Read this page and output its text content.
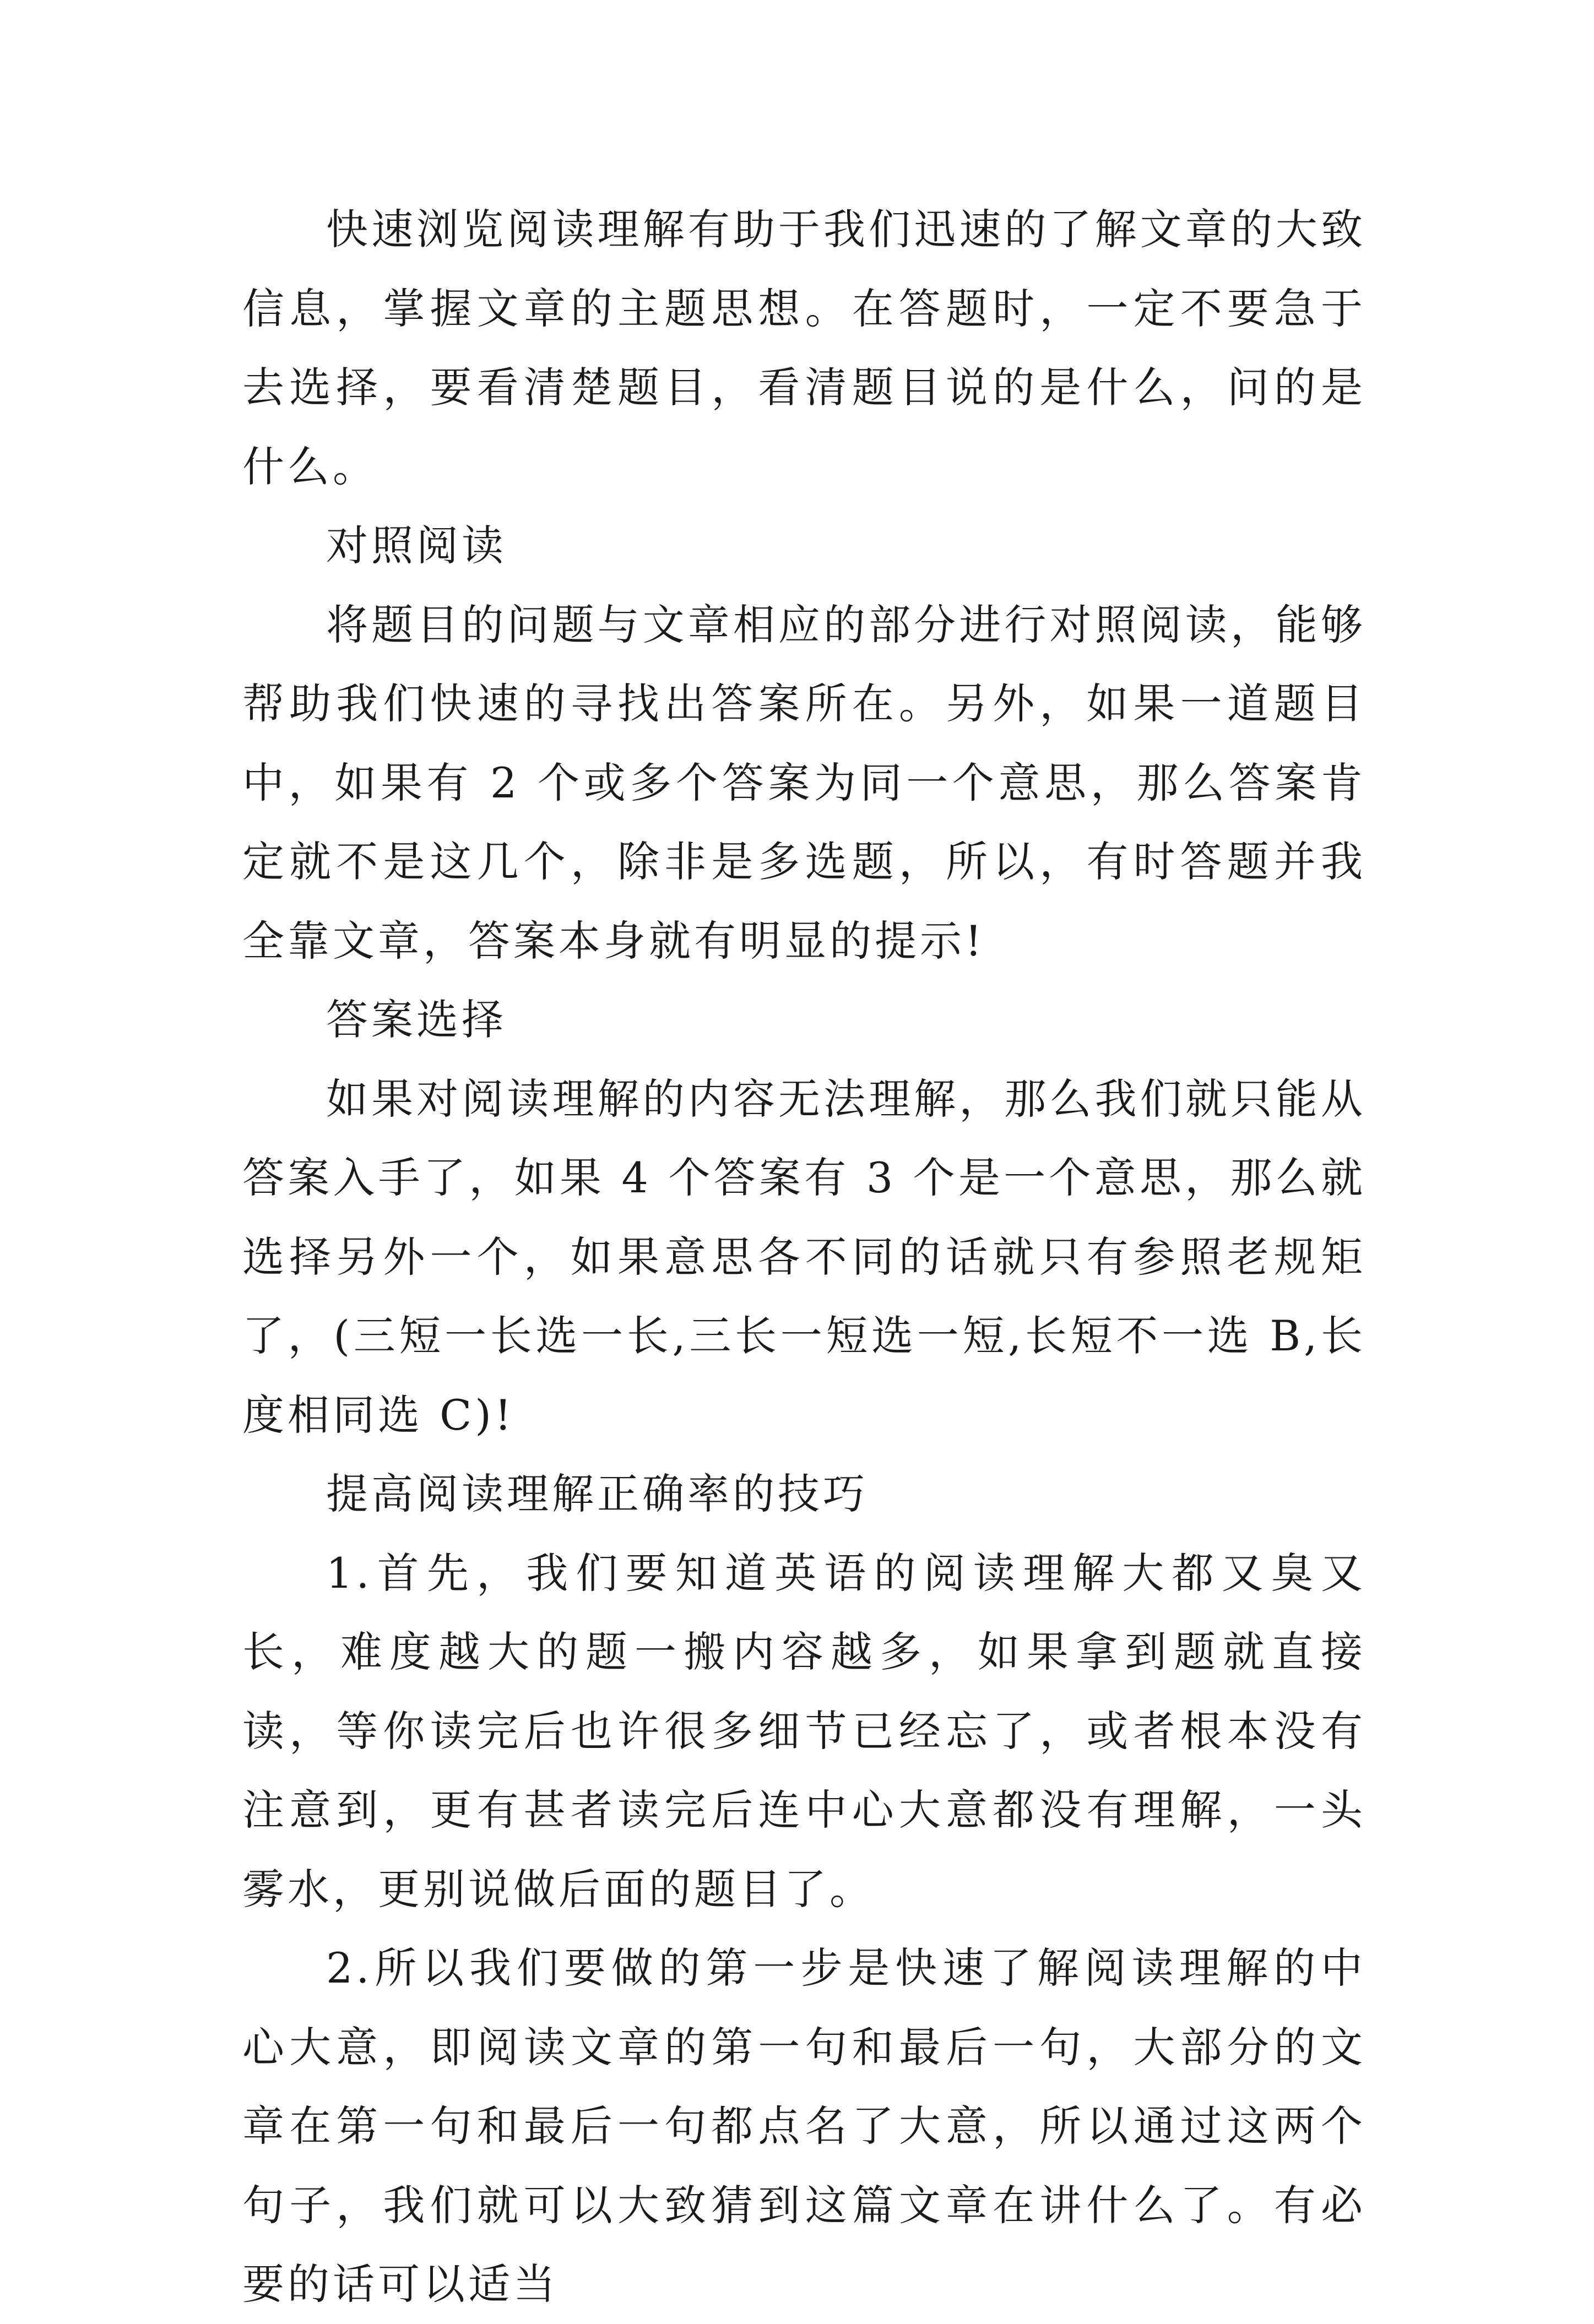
快速浏览阅读理解有助于我们迅速的了解文章的大致信息，掌握文章的主题思想。在答题时，一定不要急于去选择，要看清楚题目，看清题目说的是什么，问的是什么。

对照阅读

将题目的问题与文章相应的部分进行对照阅读，能够帮助我们快速的寻找出答案所在。另外，如果一道题目中，如果有 2 个或多个答案为同一个意思，那么答案肯定就不是这几个，除非是多选题，所以，有时答题并我全靠文章，答案本身就有明显的提示!

答案选择

如果对阅读理解的内容无法理解，那么我们就只能从答案入手了，如果 4 个答案有 3 个是一个意思，那么就选择另外一个，如果意思各不同的话就只有参照老规矩了，(三短一长选一长,三长一短选一短,长短不一选 B,长度相同选 C)!

提高阅读理解正确率的技巧

1.首先，我们要知道英语的阅读理解大都又臭又长，难度越大的题一搬内容越多，如果拿到题就直接读，等你读完后也许很多细节已经忘了，或者根本没有注意到，更有甚者读完后连中心大意都没有理解，一头雾水，更别说做后面的题目了。

2.所以我们要做的第一步是快速了解阅读理解的中心大意，即阅读文章的第一句和最后一句，大部分的文章在第一句和最后一句都点名了大意，所以通过这两个句子，我们就可以大致猜到这篇文章在讲什么了。有必要的话可以适当
